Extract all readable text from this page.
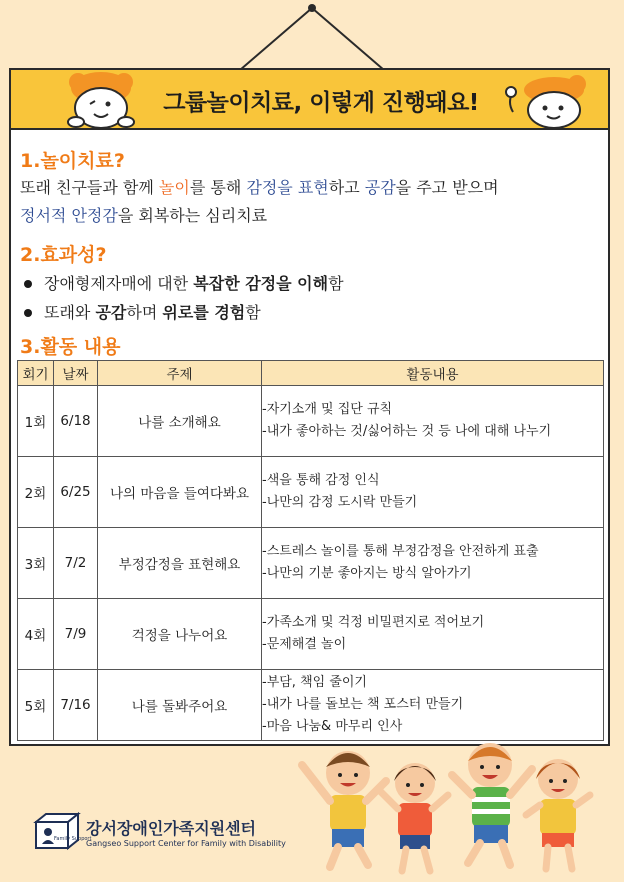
그룹놀이치료, 이렇게 진행돼요!
1.놀이치료?
또래 친구들과 함께 놀이를 통해 감정을 표현하고 공감을 주고 받으며
정서적 안정감을 회복하는 심리치료
2.효과성?
장애형제자매에 대한 복잡한 감정을 이해함
또래와 공감하며 위로를 경험함
3.활동 내용
회기	날짜	주제	활동내용
1회	6/18	나를 소개해요	-자기소개 및 집단 규칙
-내가 좋아하는 것/싫어하는 것 등 나에 대해 나누기

2회	6/25	나의 마음을 들여다봐요	-색을 통해 감정 인식
-나만의 감정 도시락 만들기

3회	7/2	부정감정을 표현해요	-스트레스 놀이를 통해 부정감정을 안전하게 표출
-나만의 기분 좋아지는 방식 알아가기

4회	7/9	걱정을 나누어요	-가족소개 및 걱정 비밀편지로 적어보기
-문제해결 놀이

5회	7/16	나를 돌봐주어요	-부담, 책임 줄이기
-내가 나를 돌보는 책 포스터 만들기
-마음 나눔& 마무리 인사
Family Support
강서장애인가족지원센터
Gangseo Support Center for Family with Disability
